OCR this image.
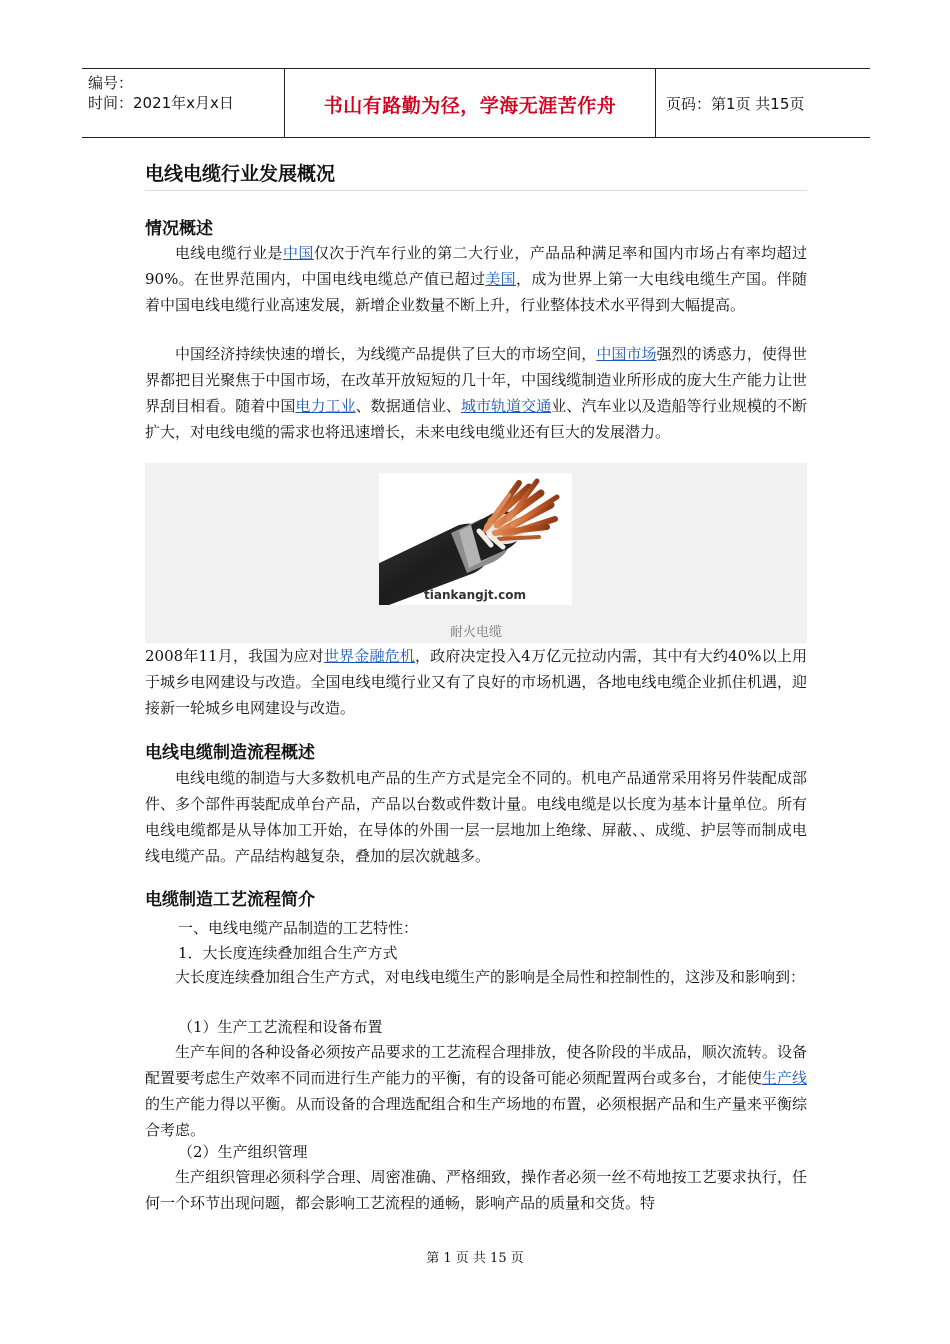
编号：
时间：2021年x月x日	书山有路勤为径，学海无涯苦作舟	页码：第1页 共15页
电线电缆行业发展概况
情况概述

电线电缆行业是中国仅次于汽车行业的第二大行业，产品品种满足率和国内市场占有率均超过90%。在世界范围内，中国电线电缆总产值已超过美国，成为世界上第一大电线电缆生产国。伴随着中国电线电缆行业高速发展，新增企业数量不断上升，行业整体技术水平得到大幅提高。

中国经济持续快速的增长，为线缆产品提供了巨大的市场空间，中国市场强烈的诱惑力，使得世界都把目光聚焦于中国市场，在改革开放短短的几十年，中国线缆制造业所形成的庞大生产能力让世界刮目相看。随着中国电力工业、数据通信业、城市轨道交通业、汽车业以及造船等行业规模的不断扩大，对电线电缆的需求也将迅速增长，未来电线电缆业还有巨大的发展潜力。

tiankangjt.com
耐火电缆

2008年11月，我国为应对世界金融危机，政府决定投入4万亿元拉动内需，其中有大约40%以上用于城乡电网建设与改造。全国电线电缆行业又有了良好的市场机遇，各地电线电缆企业抓住机遇，迎接新一轮城乡电网建设与改造。

电线电缆制造流程概述

电线电缆的制造与大多数机电产品的生产方式是完全不同的。机电产品通常采用将另件装配成部件、多个部件再装配成单台产品，产品以台数或件数计量。电线电缆是以长度为基本计量单位。所有电线电缆都是从导体加工开始，在导体的外围一层一层地加上绝缘、屏蔽、、成缆、护层等而制成电线电缆产品。产品结构越复杂，叠加的层次就越多。

电缆制造工艺流程简介
一、电线电缆产品制造的工艺特性：
1．大长度连续叠加组合生产方式

大长度连续叠加组合生产方式，对电线电缆生产的影响是全局性和控制性的，这涉及和影响到：

（1）生产工艺流程和设备布置

生产车间的各种设备必须按产品要求的工艺流程合理排放，使各阶段的半成品，顺次流转。设备配置要考虑生产效率不同而进行生产能力的平衡，有的设备可能必须配置两台或多台，才能使生产线的生产能力得以平衡。从而设备的合理选配组合和生产场地的布置，必须根据产品和生产量来平衡综合考虑。

（2）生产组织管理

生产组织管理必须科学合理、周密准确、严格细致，操作者必须一丝不苟地按工艺要求执行，任何一个环节出现问题，都会影响工艺流程的通畅，影响产品的质量和交货。特

第 1 页 共 15 页
